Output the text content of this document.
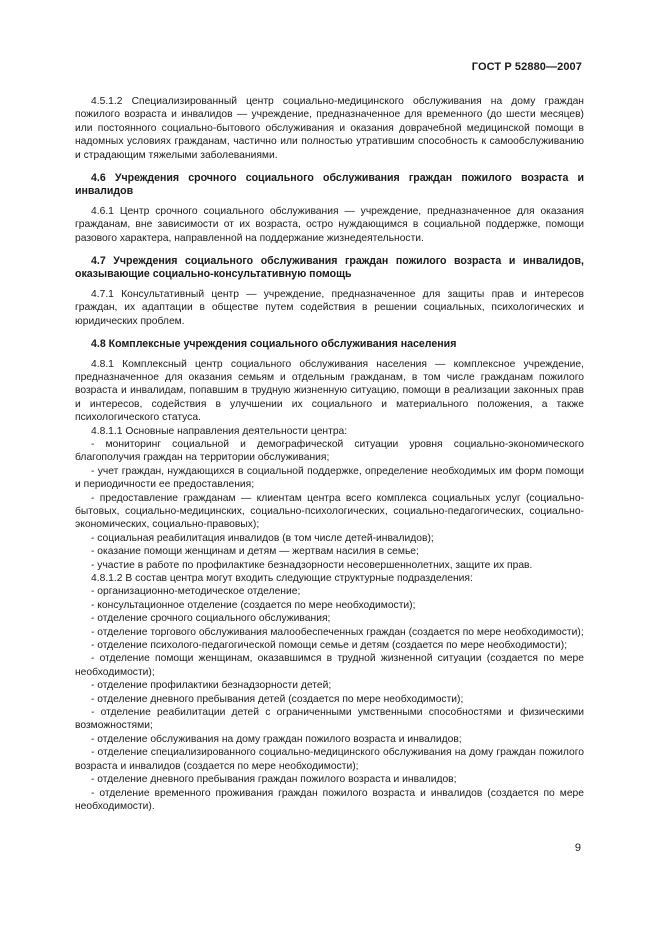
ГОСТ Р 52880—2007

4.5.1.2 Специализированный центр социально-медицинского обслуживания на дому граждан пожилого возраста и инвалидов — учреждение, предназначенное для временного (до шести месяцев) или постоянного социально-бытового обслуживания и оказания доврачебной медицинской помощи в надомных условиях гражданам, частично или полностью утратившим способность к самообслуживанию и страдающим тяжелыми заболеваниями.

4.6 Учреждения срочного социального обслуживания граждан пожилого возраста и инвалидов

4.6.1 Центр срочного социального обслуживания — учреждение, предназначенное для оказания гражданам, вне зависимости от их возраста, остро нуждающимся в социальной поддержке, помощи разового характера, направленной на поддержание жизнедеятельности.

4.7 Учреждения социального обслуживания граждан пожилого возраста и инвалидов, оказывающие социально-консультативную помощь

4.7.1 Консультативный центр — учреждение, предназначенное для защиты прав и интересов граждан, их адаптации в обществе путем содействия в решении социальных, психологических и юридических проблем.

4.8 Комплексные учреждения социального обслуживания населения

4.8.1 Комплексный центр социального обслуживания населения — комплексное учреждение, предназначенное для оказания семьям и отдельным гражданам, в том числе гражданам пожилого возраста и инвалидам, попавшим в трудную жизненную ситуацию, помощи в реализации законных прав и интересов, содействия в улучшении их социального и материального положения, а также психологического статуса.

4.8.1.1 Основные направления деятельности центра:

- мониторинг социальной и демографической ситуации уровня социально-экономического благополучия граждан на территории обслуживания;

- учет граждан, нуждающихся в социальной поддержке, определение необходимых им форм помощи и периодичности ее предоставления;

- предоставление гражданам — клиентам центра всего комплекса социальных услуг (социально-бытовых, социально-медицинских, социально-психологических, социально-педагогических, социально-экономических, социально-правовых);

- социальная реабилитация инвалидов (в том числе детей-инвалидов);

- оказание помощи женщинам и детям — жертвам насилия в семье;

- участие в работе по профилактике безнадзорности несовершеннолетних, защите их прав.

4.8.1.2 В состав центра могут входить следующие структурные подразделения:

- организационно-методическое отделение;

- консультационное отделение (создается по мере необходимости);

- отделение срочного социального обслуживания;

- отделение торгового обслуживания малообеспеченных граждан (создается по мере необходимости);

- отделение психолого-педагогической помощи семье и детям (создается по мере необходимости);

- отделение помощи женщинам, оказавшимся в трудной жизненной ситуации (создается по мере необходимости);

- отделение профилактики безнадзорности детей;

- отделение дневного пребывания детей (создается по мере необходимости);

- отделение реабилитации детей с ограниченными умственными способностями и физическими возможностями;

- отделение обслуживания на дому граждан пожилого возраста и инвалидов;

- отделение специализированного социально-медицинского обслуживания на дому граждан пожилого возраста и инвалидов (создается по мере необходимости);

- отделение дневного пребывания граждан пожилого возраста и инвалидов;

- отделение временного проживания граждан пожилого возраста и инвалидов (создается по мере необходимости).

9
